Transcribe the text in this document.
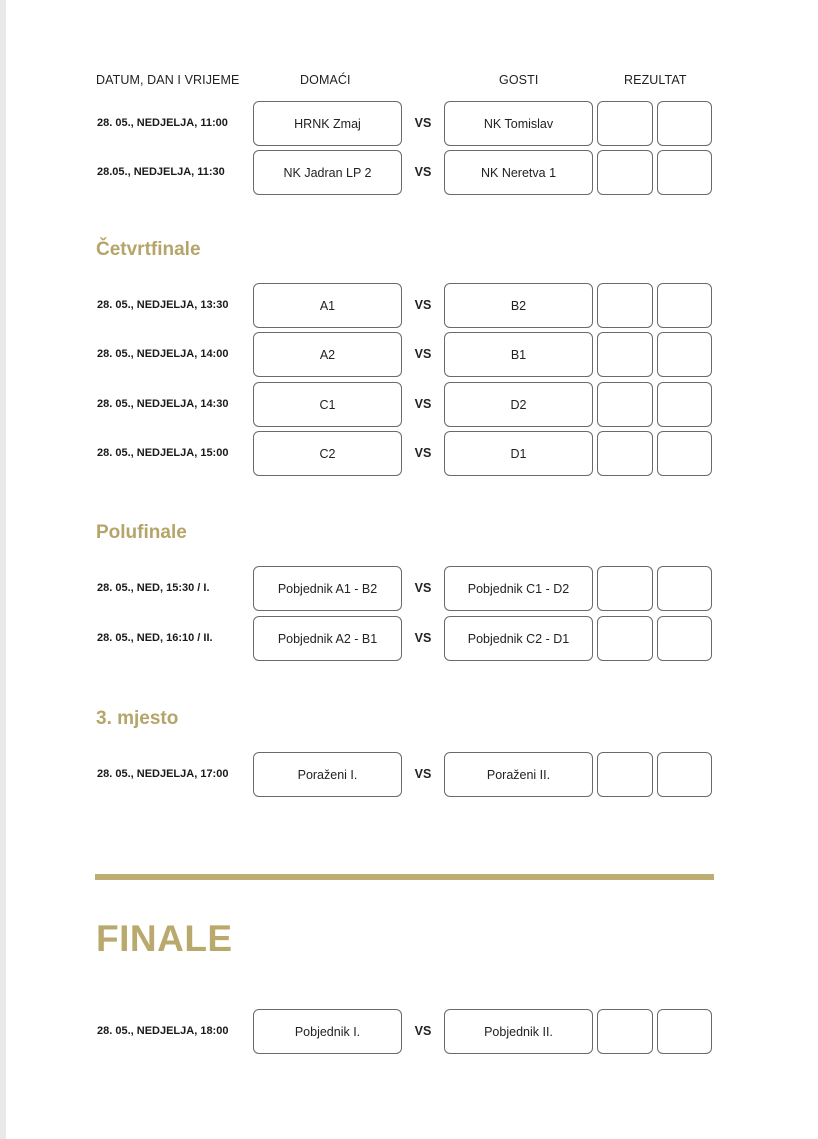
DATUM, DAN I VRIJEME	DOMAĆI	GOSTI	REZULTAT
28. 05., NEDJELJA, 11:00	HRNK Zmaj	VS	NK Tomislav
28.05., NEDJELJA, 11:30	NK Jadran LP 2	VS	NK Neretva 1
Četvrtfinale
28. 05., NEDJELJA, 13:30	A1	VS	B2
28. 05., NEDJELJA, 14:00	A2	VS	B1
28. 05., NEDJELJA, 14:30	C1	VS	D2
28. 05., NEDJELJA, 15:00	C2	VS	D1
Polufinale
28. 05., NED, 15:30 / I.	Pobjednik A1 - B2	VS	Pobjednik C1 - D2
28. 05., NED, 16:10 / II.	Pobjednik A2 - B1	VS	Pobjednik C2 - D1
3. mjesto
28. 05., NEDJELJA, 17:00	Poraženi I.	VS	Poraženi II.
FINALE
28. 05., NEDJELJA, 18:00	Pobjednik I.	VS	Pobjednik II.
